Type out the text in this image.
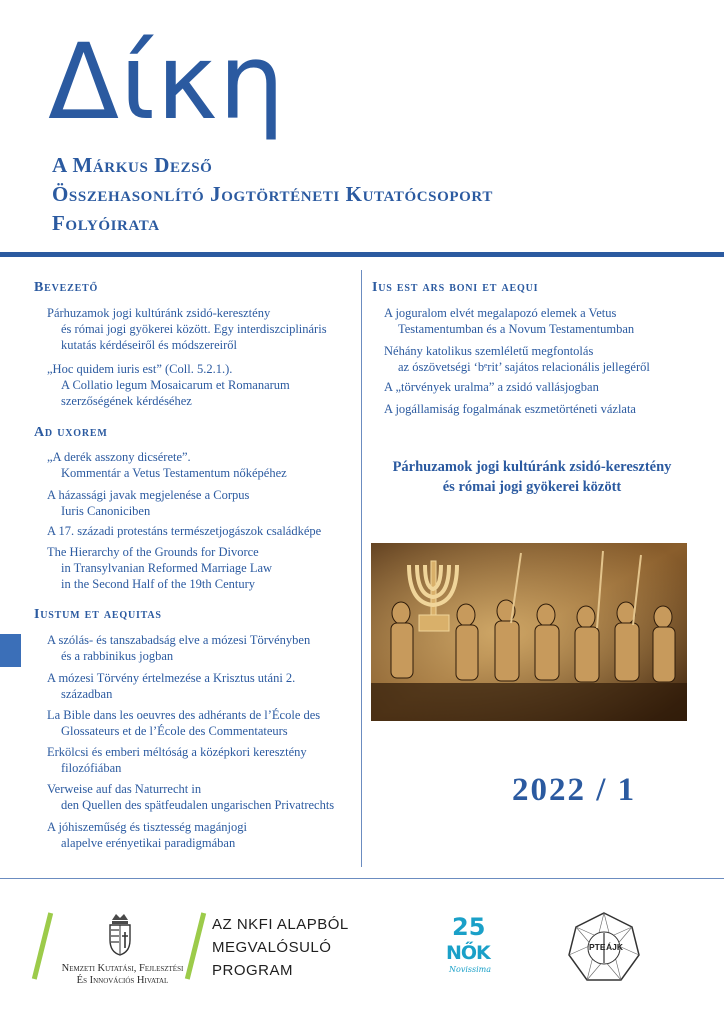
Δίκη
A Márkus Dezső
Összehasonlító Jogtörténeti Kutatócsoport
Folyóirata
Bevezető
Párhuzamok jogi kultúránk zsidó-keresztény
és római jogi gyökerei között. Egy interdiszciplináris
kutatás kérdéseiről és módszereiről
„Hoc quidem iuris est” (Coll. 5.2.1.).
A Collatio legum Mosaicarum et Romanarum
szerzőségének kérdéséhez
Ad uxorem
„A derék asszony dicsérete”.
Kommentár a Vetus Testamentum nőképéhez
A házassági javak megjelenése a Corpus
Iuris Canoniciben
A 17. századi protestáns természetjogászok családképe
The Hierarchy of the Grounds for Divorce
in Transylvanian Reformed Marriage Law
in the Second Half of the 19th Century
Iustum et aequitas
A szólás- és tanszabadság elve a mózesi Törvényben
és a rabbinikus jogban
A mózesi Törvény értelmezése a Krisztus utáni 2.
században
La Bible dans les oeuvres des adhérants de l’École des
Glossateurs et de l’École des Commentateurs
Erkölcsi és emberi méltóság a középkori keresztény
filozófiában
Verweise auf das Naturrecht in
den Quellen des spätfeudalen ungarischen Privatrechts
A jóhiszeműség és tisztesség magánjogi
alapelve erényetikai paradigmában
Ius est ars boni et aequi
A joguralom elvét megalapozó elemek a Vetus
Testamentumban és a Novum Testamentumban
Néhány katolikus szemléletű megfontolás
az ószövetségi ‘bᵉrit’ sajátos relacionális jellegéről
A „törvények uralma” a zsidó vallásjogban
A jogállamiság fogalmának eszmetörténeti vázlata
Párhuzamok jogi kultúránk zsidó-keresztény
és római jogi gyökerei között
2022 / 1
Nemzeti Kutatási, Fejlesztési
És Innovációs Hivatal
AZ NKFI ALAPBÓL
MEGVALÓSULÓ
PROGRAM
25
NŐK
Novissima
PTE ÁJK
